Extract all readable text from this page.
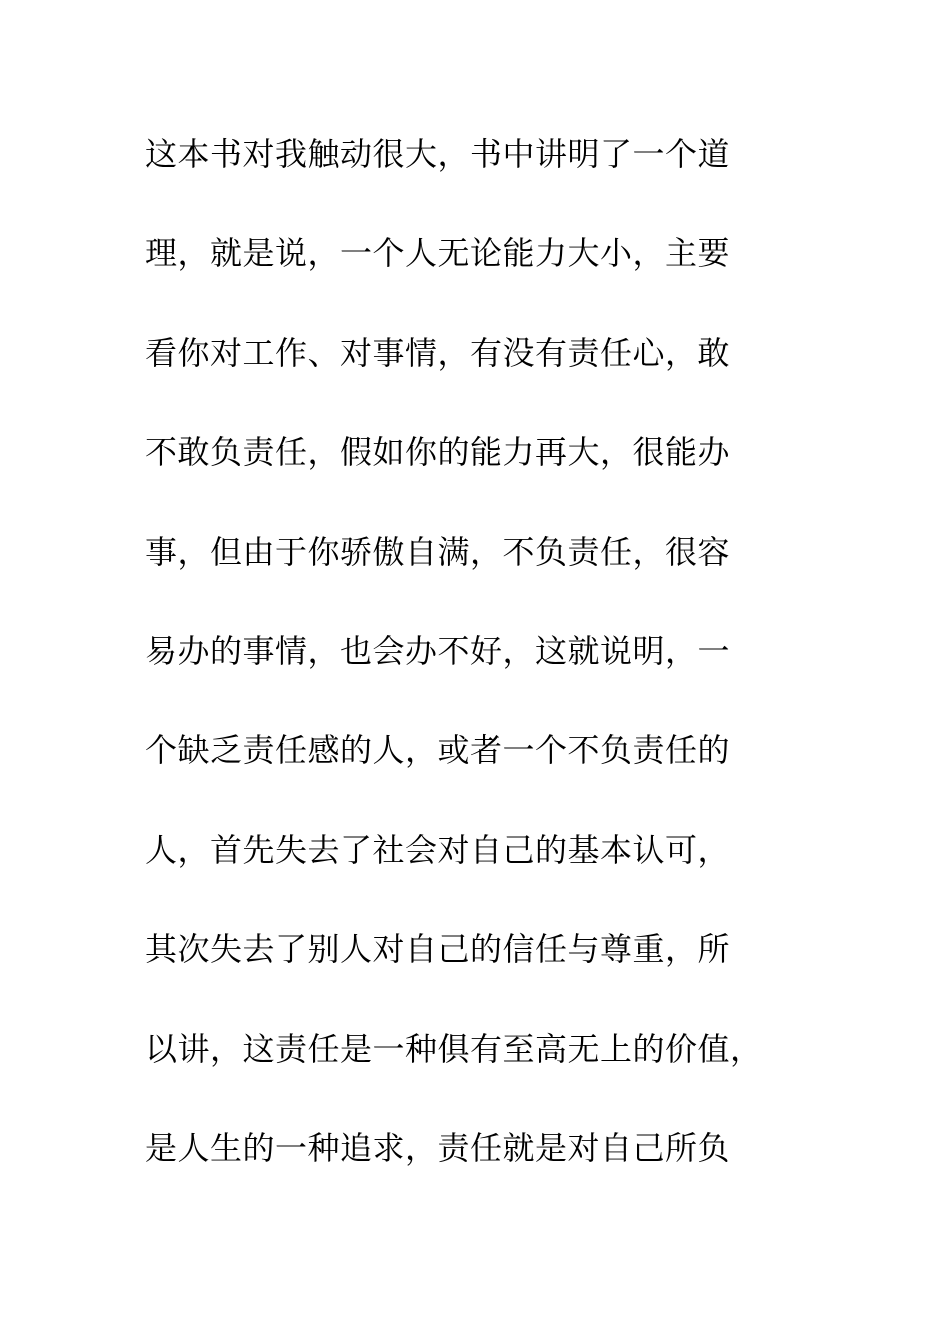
这本书对我触动很大，书中讲明了一个道
理，就是说，一个人无论能力大小，主要
看你对工作、对事情，有没有责任心，敢
不敢负责任，假如你的能力再大，很能办
事，但由于你骄傲自满，不负责任，很容
易办的事情，也会办不好，这就说明，一
个缺乏责任感的人，或者一个不负责任的
人，首先失去了社会对自己的基本认可，
其次失去了别人对自己的信任与尊重，所
以讲，这责任是一种俱有至高无上的价值，
是人生的一种追求，责任就是对自己所负
